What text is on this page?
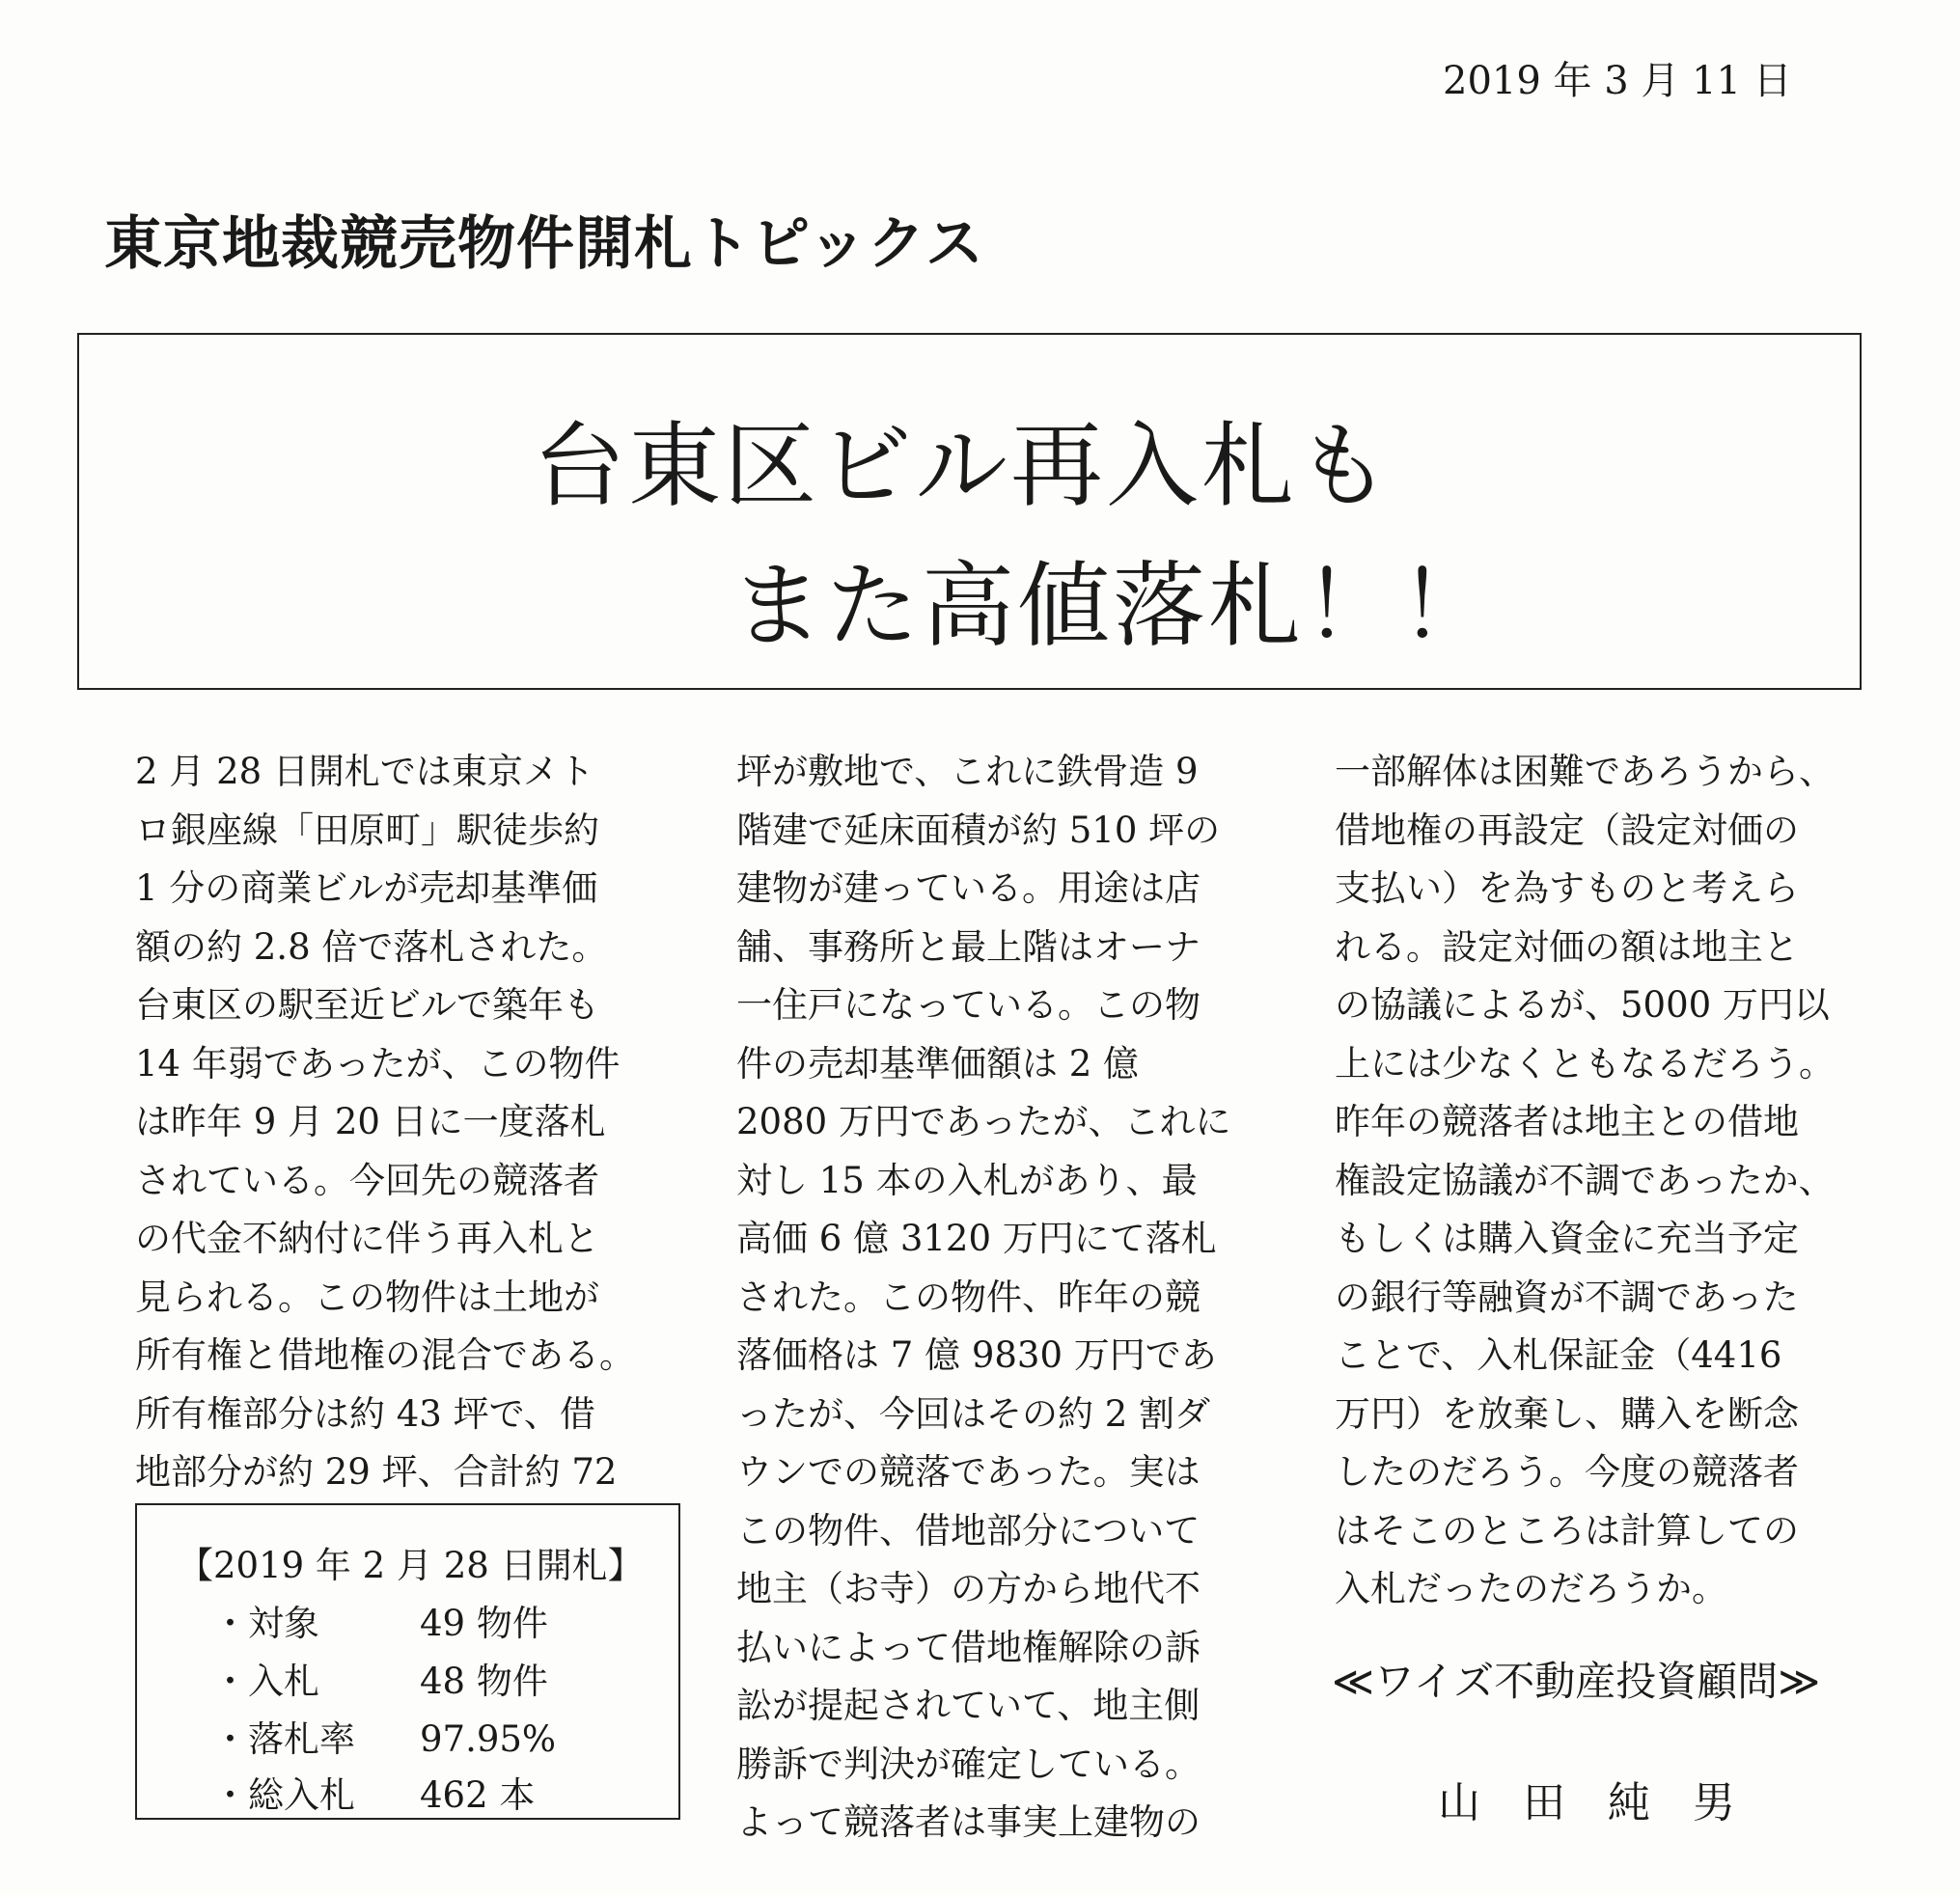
2019 年 3 月 11 日
東京地裁競売物件開札トピックス
台東区ビル再入札も
また高値落札！！

2 月 28 日開札では東京メト

ロ銀座線「田原町」駅徒歩約

1 分の商業ビルが売却基準価

額の約 2.8 倍で落札された。

台東区の駅至近ビルで築年も

14 年弱であったが、この物件

は昨年 9 月 20 日に一度落札

されている。今回先の競落者

の代金不納付に伴う再入札と

見られる。この物件は土地が

所有権と借地権の混合である。

所有権部分は約 43 坪で、借

地部分が約 29 坪、合計約 72

坪が敷地で、これに鉄骨造 9

階建で延床面積が約 510 坪の

建物が建っている。用途は店

舗、事務所と最上階はオーナ

一住戸になっている。この物

件の売却基準価額は 2 億

2080 万円であったが、これに

対し 15 本の入札があり、最

高価 6 億 3120 万円にて落札

された。この物件、昨年の競

落価格は 7 億 9830 万円であ

ったが、今回はその約 2 割ダ

ウンでの競落であった。実は

この物件、借地部分について

地主（お寺）の方から地代不

払いによって借地権解除の訴

訟が提起されていて、地主側

勝訴で判決が確定している。

よって競落者は事実上建物の

一部解体は困難であろうから、

借地権の再設定（設定対価の

支払い）を為すものと考えら

れる。設定対価の額は地主と

の協議によるが、5000 万円以

上には少なくともなるだろう。

昨年の競落者は地主との借地

権設定協議が不調であったか、

もしくは購入資金に充当予定

の銀行等融資が不調であった

ことで、入札保証金（4416

万円）を放棄し、購入を断念

したのだろう。今度の競落者

はそこのところは計算しての

入札だったのだろうか。

【2019 年 2 月 28 日開札】
・対象	49 物件
・入札	48 物件
・落札率 97.95%
・総入札 462 本
≪ワイズ不動産投資顧問≫
山田純男
